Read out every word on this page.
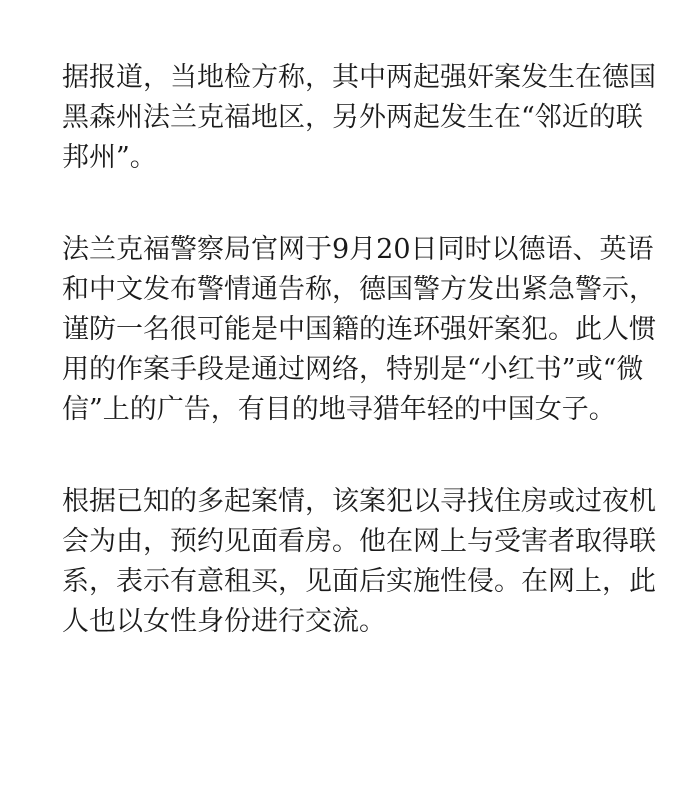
据报道，当地检方称，其中两起强奸案发生在德国
黑森州法兰克福地区，另外两起发生在“邻近的联
邦州”。

法兰克福警察局官网于9月20日同时以德语、英语
和中文发布警情通告称，德国警方发出紧急警示，
谨防一名很可能是中国籍的连环强奸案犯。此人惯
用的作案手段是通过网络，特别是“小红书”或“微
信”上的广告，有目的地寻猎年轻的中国女子。

根据已知的多起案情，该案犯以寻找住房或过夜机
会为由，预约见面看房。他在网上与受害者取得联
系，表示有意租买，见面后实施性侵。在网上，此
人也以女性身份进行交流。
